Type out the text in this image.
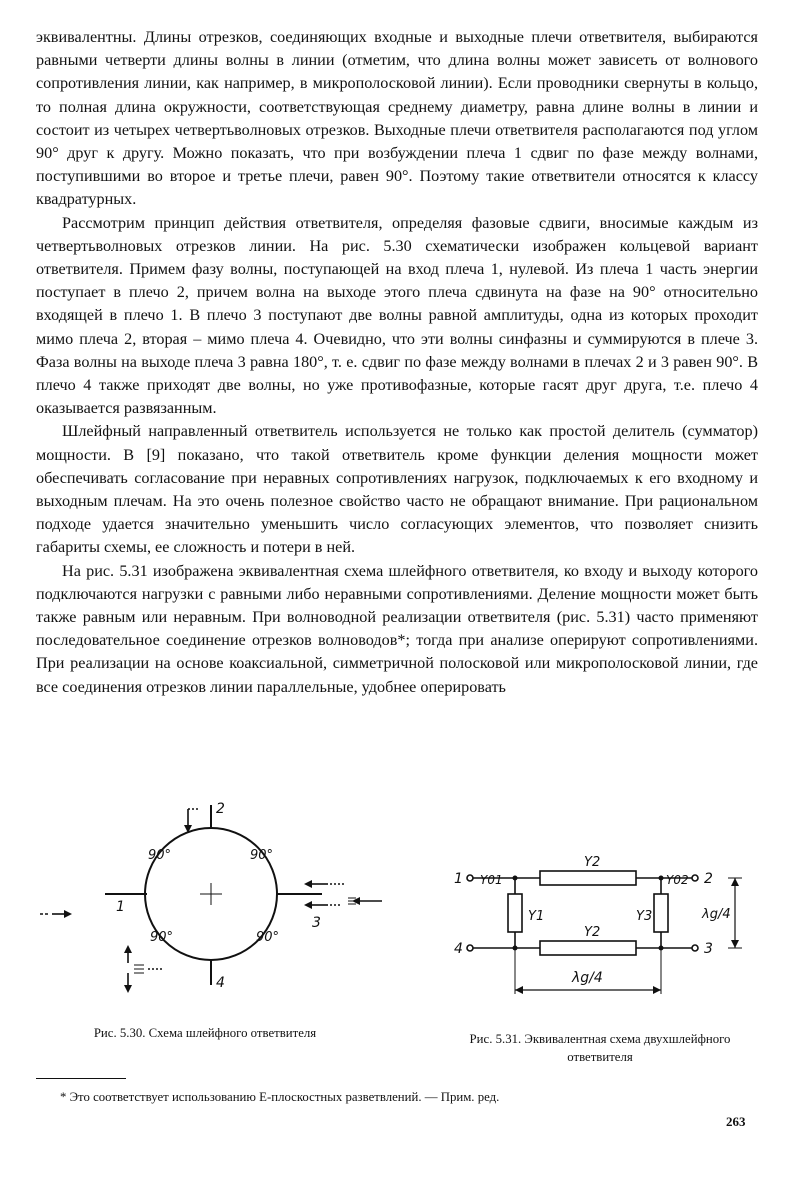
эквивалентны. Длины отрезков, соединяющих входные и выходные плечи ответвителя, выбираются равными четверти длины волны в линии (отметим, что длина волны может зависеть от волнового сопротивления линии, как например, в микрополосковой линии). Если проводники свернуты в кольцо, то полная длина окружности, соответствующая среднему диаметру, равна длине волны в линии и состоит из четырех четвертьволновых отрезков. Выходные плечи ответвителя располагаются под углом 90° друг к другу. Можно показать, что при возбуждении плеча 1 сдвиг по фазе между волнами, поступившими во второе и третье плечи, равен 90°. Поэтому такие ответвители относятся к классу квадратурных.

Рассмотрим принцип действия ответвителя, определяя фазовые сдвиги, вносимые каждым из четвертьволновых отрезков линии. На рис. 5.30 схематически изображен кольцевой вариант ответвителя. Примем фазу волны, поступающей на вход плеча 1, нулевой. Из плеча 1 часть энергии поступает в плечо 2, причем волна на выходе этого плеча сдвинута на фазе на 90° относительно входящей в плечо 1. В плечо 3 поступают две волны равной амплитуды, одна из которых проходит мимо плеча 2, вторая – мимо плеча 4. Очевидно, что эти волны синфазны и суммируются в плече 3. Фаза волны на выходе плеча 3 равна 180°, т. е. сдвиг по фазе между волнами в плечах 2 и 3 равен 90°. В плечо 4 также приходят две волны, но уже противофазные, которые гасят друг друга, т.е. плечо 4 оказывается развязанным.

Шлейфный направленный ответвитель используется не только как простой делитель (сумматор) мощности. В [9] показано, что такой ответвитель кроме функции деления мощности может обеспечивать согласование при неравных сопротивлениях нагрузок, подключаемых к его входному и выходным плечам. На это очень полезное свойство часто не обращают внимание. При рациональном подходе удается значительно уменьшить число согласующих элементов, что позволяет снизить габариты схемы, ее сложность и потери в ней.

На рис. 5.31 изображена эквивалентная схема шлейфного ответвителя, ко входу и выходу которого подключаются нагрузки с равными либо неравными сопротивлениями. Деление мощности может быть также равным или неравным. При волноводной реализации ответвителя (рис. 5.31) часто применяют последовательное соединение отрезков волноводов*; тогда при анализе оперируют сопротивлениями. При реализации на основе коаксиальной, симметричной полосковой или микрополосковой линии, где все соединения отрезков линии параллельные, удобнее оперировать

1
2
3
4
90°	90°
90°	90°
1	2
3
4
Y01	Y02
Y1
Y2
Y2
Y3	λg/4
λg/4
Рис. 5.30. Схема шлейфного ответвителя	Рис. 5.31. Эквивалентная схема двухшлейфного ответвителя
* Это соответствует использованию Е-плоскостных разветвлений. — Прим. ред.
263
